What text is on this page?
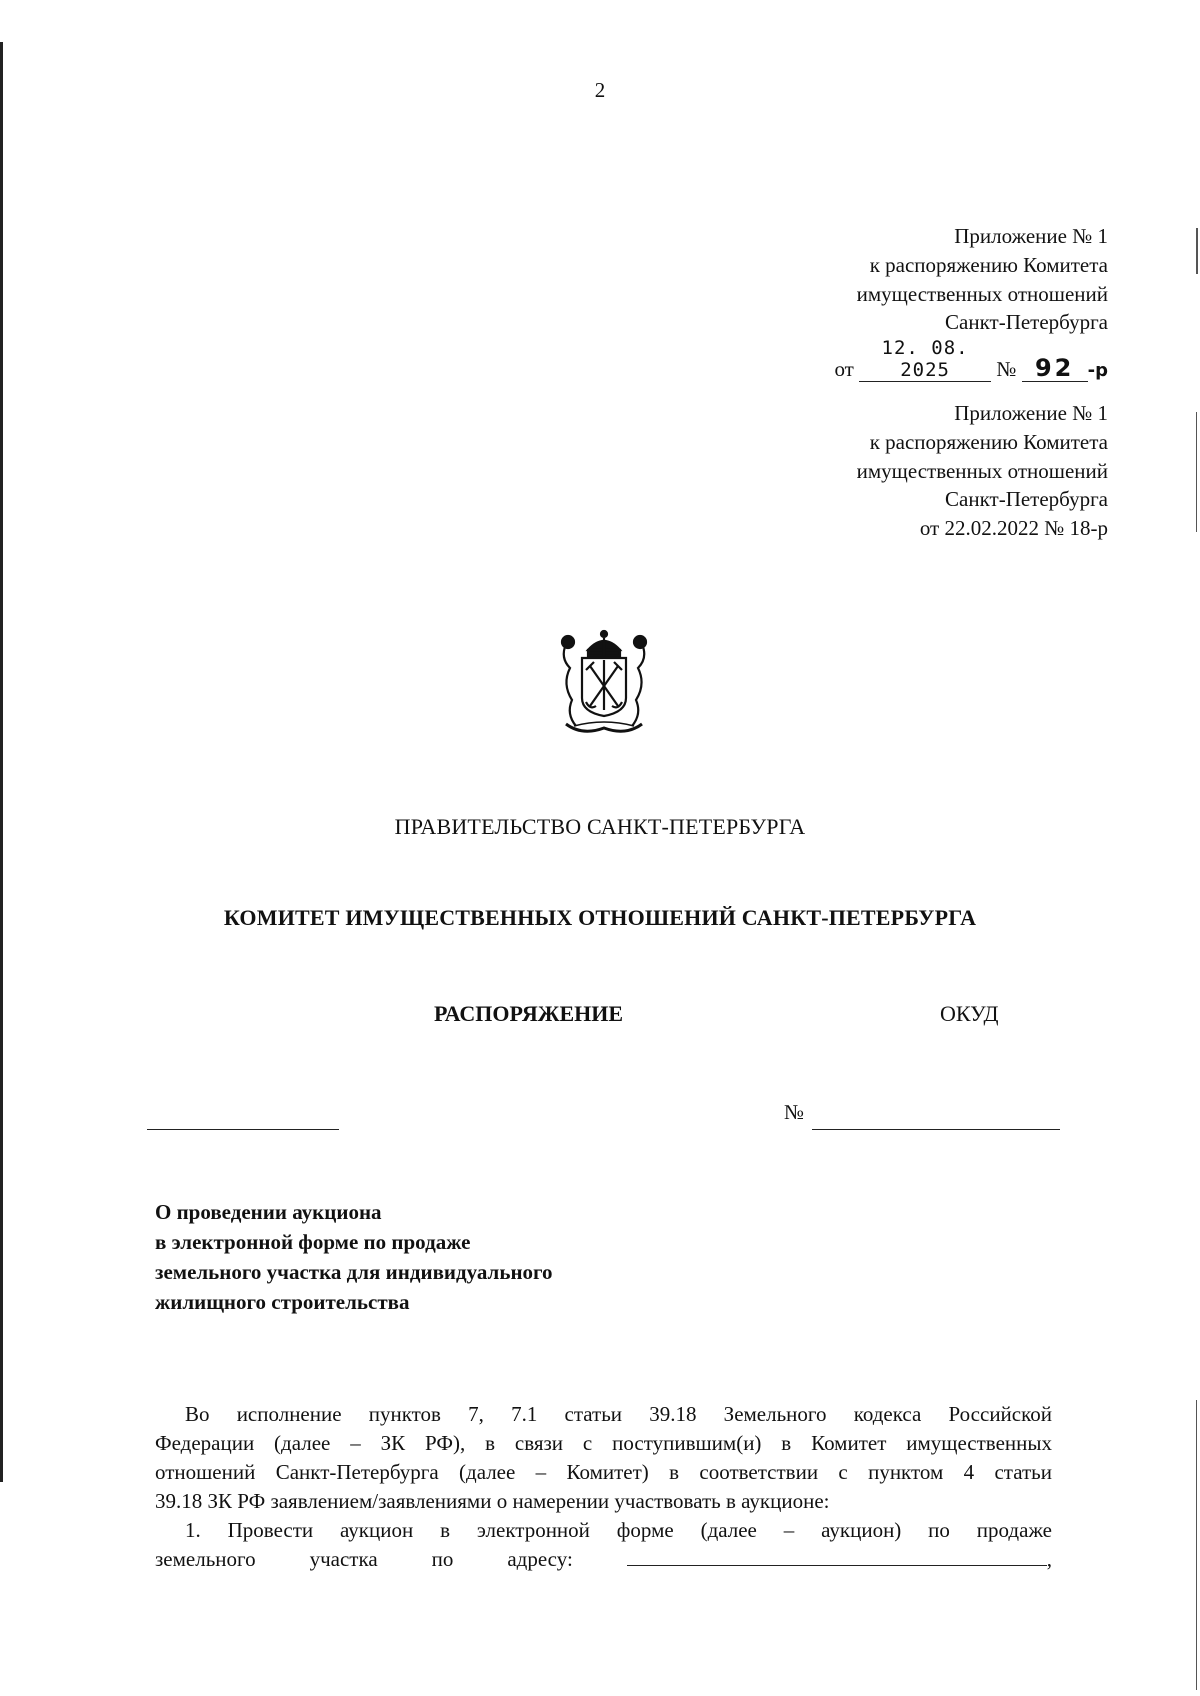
2
Приложение № 1
к распоряжению Комитета
имущественных отношений
Санкт-Петербурга
от 12. 08. 2025 № 92 -р
Приложение № 1
к распоряжению Комитета
имущественных отношений
Санкт-Петербурга
от 22.02.2022 № 18-р
ПРАВИТЕЛЬСТВО САНКТ-ПЕТЕРБУРГА
КОМИТЕТ ИМУЩЕСТВЕННЫХ ОТНОШЕНИЙ САНКТ-ПЕТЕРБУРГА
РАСПОРЯЖЕНИЕ	ОКУД
№
О проведении аукциона
в электронной форме по продаже
земельного участка для индивидуального
жилищного строительства

Во исполнение пунктов 7, 7.1 статьи 39.18 Земельного кодекса Российской

Федерации (далее – ЗК РФ), в связи с поступившим(и) в Комитет имущественных

отношений Санкт-Петербурга (далее – Комитет) в соответствии с пунктом 4 статьи

39.18 ЗК РФ заявлением/заявлениями о намерении участвовать в аукционе:

1. Провести аукцион в электронной форме (далее – аукцион) по продаже

земельного	участка	по	адресу:	,
